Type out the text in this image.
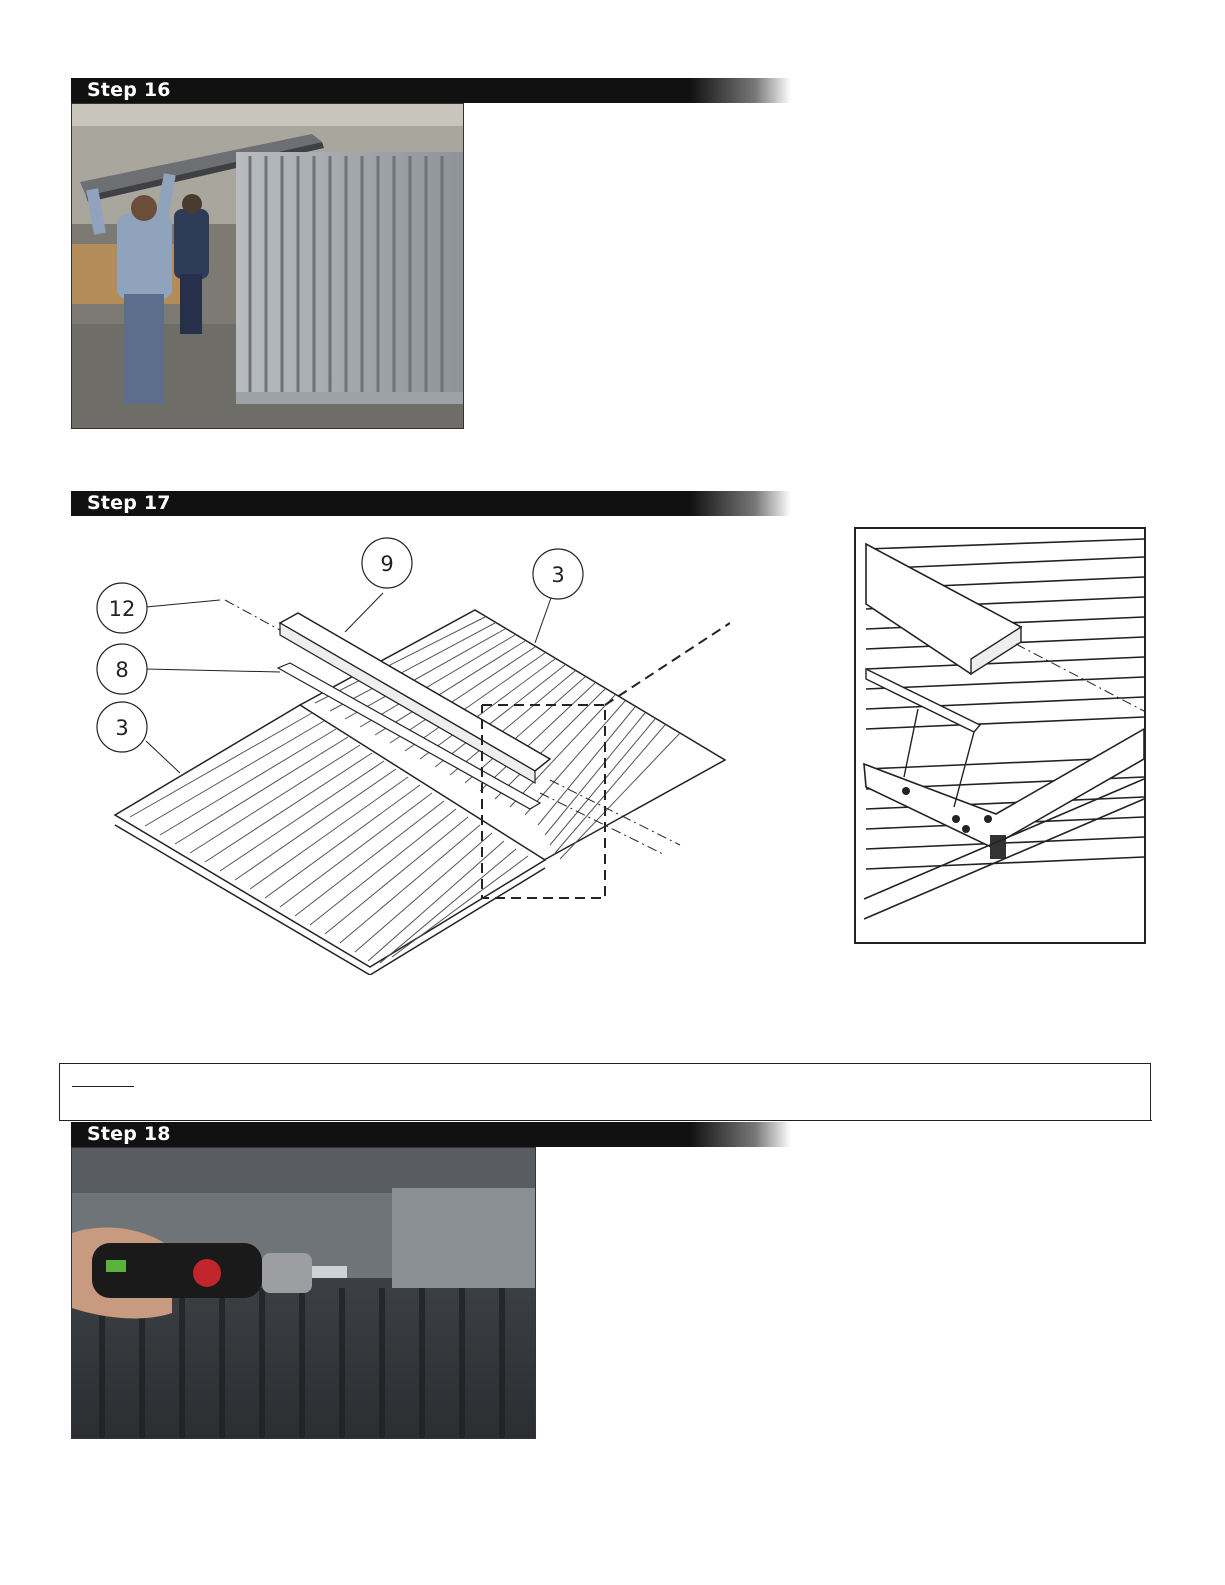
Step 16
Step 17
9	3
12
8
3
Step 18
